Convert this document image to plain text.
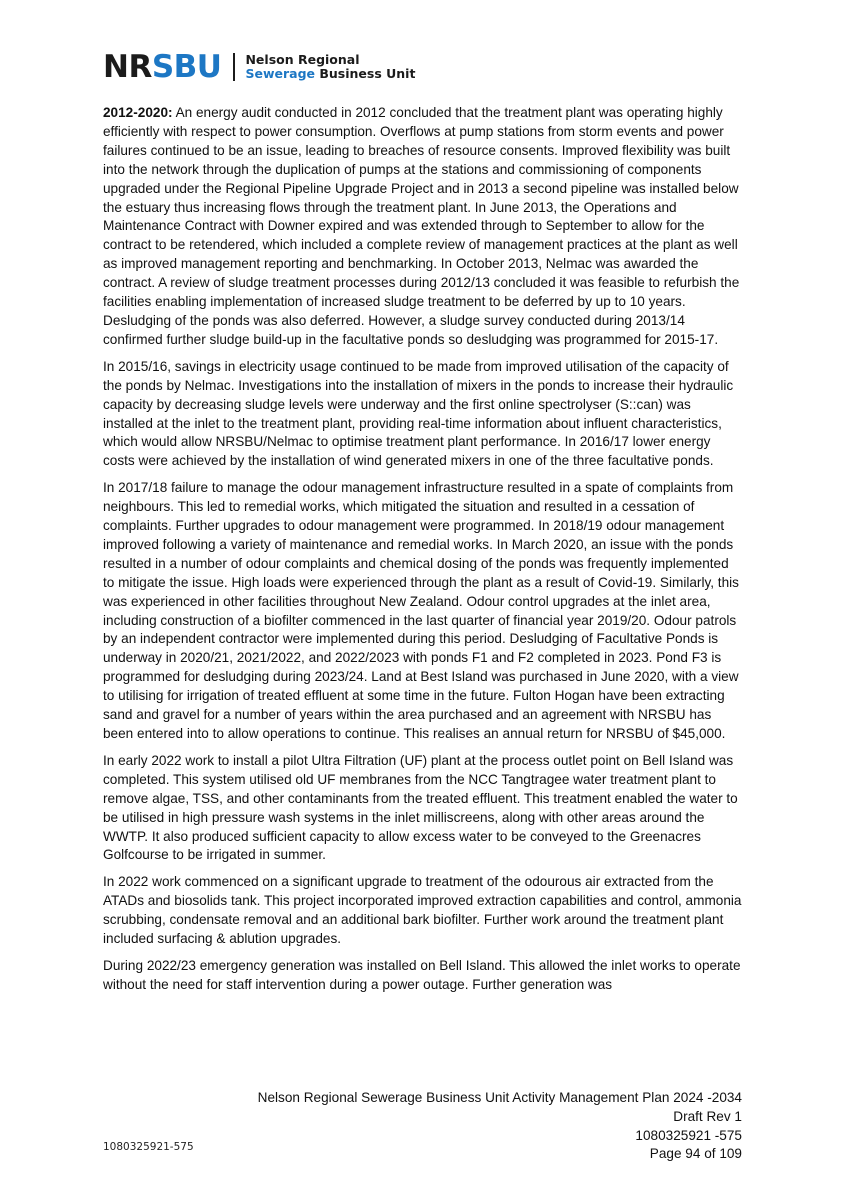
NRSBU Nelson Regional
Sewerage Business Unit

2012-2020: An energy audit conducted in 2012 concluded that the treatment plant was operating highly efficiently with respect to power consumption. Overflows at pump stations from storm events and power failures continued to be an issue, leading to breaches of resource consents. Improved flexibility was built into the network through the duplication of pumps at the stations and commissioning of components upgraded under the Regional Pipeline Upgrade Project and in 2013 a second pipeline was installed below the estuary thus increasing flows through the treatment plant. In June 2013, the Operations and Maintenance Contract with Downer expired and was extended through to September to allow for the contract to be retendered, which included a complete review of management practices at the plant as well as improved management reporting and benchmarking. In October 2013, Nelmac was awarded the contract. A review of sludge treatment processes during 2012/13 concluded it was feasible to refurbish the facilities enabling implementation of increased sludge treatment to be deferred by up to 10 years. Desludging of the ponds was also deferred. However, a sludge survey conducted during 2013/14 confirmed further sludge build-up in the facultative ponds so desludging was programmed for 2015-17.

In 2015/16, savings in electricity usage continued to be made from improved utilisation of the capacity of the ponds by Nelmac. Investigations into the installation of mixers in the ponds to increase their hydraulic capacity by decreasing sludge levels were underway and the first online spectrolyser (S::can) was installed at the inlet to the treatment plant, providing real-time information about influent characteristics, which would allow NRSBU/Nelmac to optimise treatment plant performance. In 2016/17 lower energy costs were achieved by the installation of wind generated mixers in one of the three facultative ponds.

In 2017/18 failure to manage the odour management infrastructure resulted in a spate of complaints from neighbours. This led to remedial works, which mitigated the situation and resulted in a cessation of complaints. Further upgrades to odour management were programmed. In 2018/19 odour management improved following a variety of maintenance and remedial works. In March 2020, an issue with the ponds resulted in a number of odour complaints and chemical dosing of the ponds was frequently implemented to mitigate the issue. High loads were experienced through the plant as a result of Covid-19. Similarly, this was experienced in other facilities throughout New Zealand. Odour control upgrades at the inlet area, including construction of a biofilter commenced in the last quarter of financial year 2019/20. Odour patrols by an independent contractor were implemented during this period. Desludging of Facultative Ponds is underway in 2020/21, 2021/2022, and 2022/2023 with ponds F1 and F2 completed in 2023. Pond F3 is programmed for desludging during 2023/24. Land at Best Island was purchased in June 2020, with a view to utilising for irrigation of treated effluent at some time in the future. Fulton Hogan have been extracting sand and gravel for a number of years within the area purchased and an agreement with NRSBU has been entered into to allow operations to continue. This realises an annual return for NRSBU of $45,000.

In early 2022 work to install a pilot Ultra Filtration (UF) plant at the process outlet point on Bell Island was completed. This system utilised old UF membranes from the NCC Tangtragee water treatment plant to remove algae, TSS, and other contaminants from the treated effluent. This treatment enabled the water to be utilised in high pressure wash systems in the inlet milliscreens, along with other areas around the WWTP. It also produced sufficient capacity to allow excess water to be conveyed to the Greenacres Golfcourse to be irrigated in summer.

In 2022 work commenced on a significant upgrade to treatment of the odourous air extracted from the ATADs and biosolids tank. This project incorporated improved extraction capabilities and control, ammonia scrubbing, condensate removal and an additional bark biofilter. Further work around the treatment plant included surfacing & ablution upgrades.

During 2022/23 emergency generation was installed on Bell Island. This allowed the inlet works to operate without the need for staff intervention during a power outage. Further generation was

Nelson Regional Sewerage Business Unit Activity Management Plan 2024 -2034
Draft Rev 1
1080325921 -575
Page 94 of 109
1080325921-575
